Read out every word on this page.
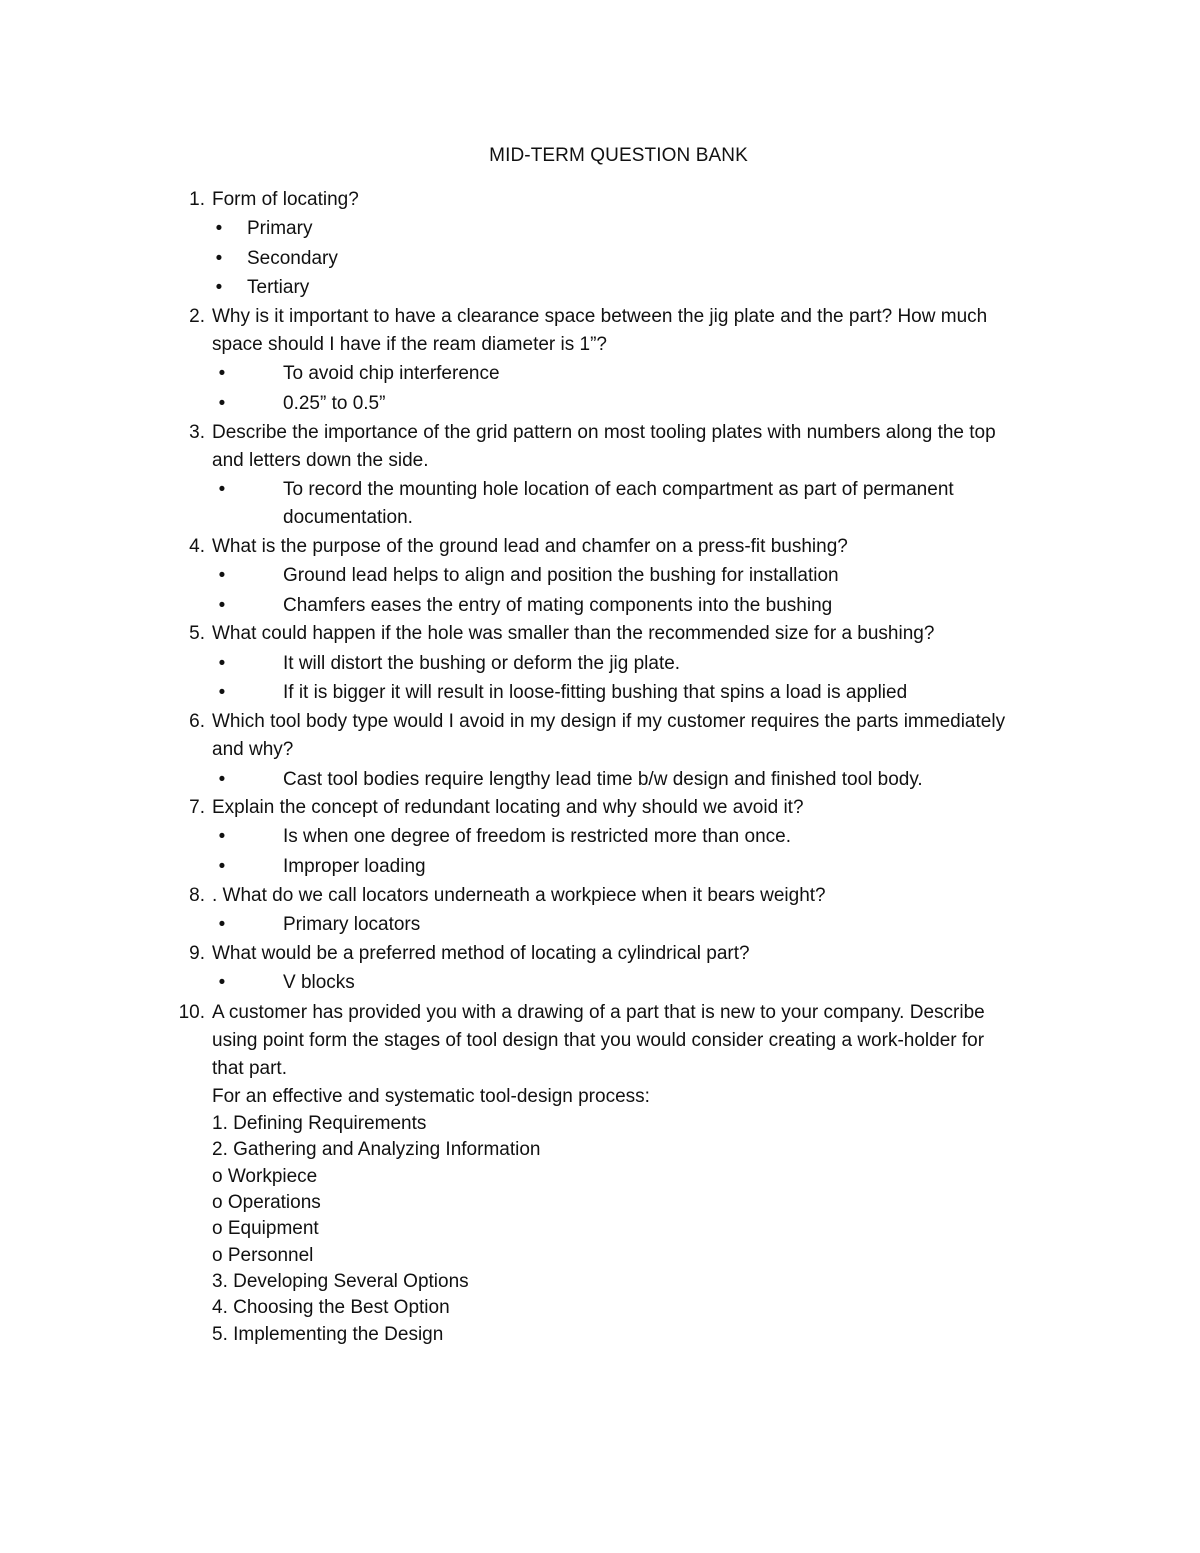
MID-TERM QUESTION BANK
1. Form of locating?
• Primary
• Secondary
• Tertiary
2. Why is it important to have a clearance space between the jig plate and the part? How much
space should I have if the ream diameter is 1”?
•	To avoid chip interference
•	0.25” to 0.5”
3. Describe the importance of the grid pattern on most tooling plates with numbers along the top
and letters down the side.
•	To record the mounting hole location of each compartment as part of permanent
documentation.
4. What is the purpose of the ground lead and chamfer on a press-fit bushing?
•	Ground lead helps to align and position the bushing for installation
•	Chamfers eases the entry of mating components into the bushing
5. What could happen if the hole was smaller than the recommended size for a bushing?
•	It will distort the bushing or deform the jig plate.
•	If it is bigger it will result in loose-fitting bushing that spins a load is applied
6. Which tool body type would I avoid in my design if my customer requires the parts immediately
and why?
•	Cast tool bodies require lengthy lead time b/w design and finished tool body.
7. Explain the concept of redundant locating and why should we avoid it?
•	Is when one degree of freedom is restricted more than once.
•	Improper loading
8. . What do we call locators underneath a workpiece when it bears weight?
•	Primary locators
9. What would be a preferred method of locating a cylindrical part?
•	V blocks
10. A customer has provided you with a drawing of a part that is new to your company. Describe
using point form the stages of tool design that you would consider creating a work-holder for
that part.
For an effective and systematic tool-design process:
1. Defining Requirements
2. Gathering and Analyzing Information
o Workpiece
o Operations
o Equipment
o Personnel
3. Developing Several Options
4. Choosing the Best Option
5. Implementing the Design
